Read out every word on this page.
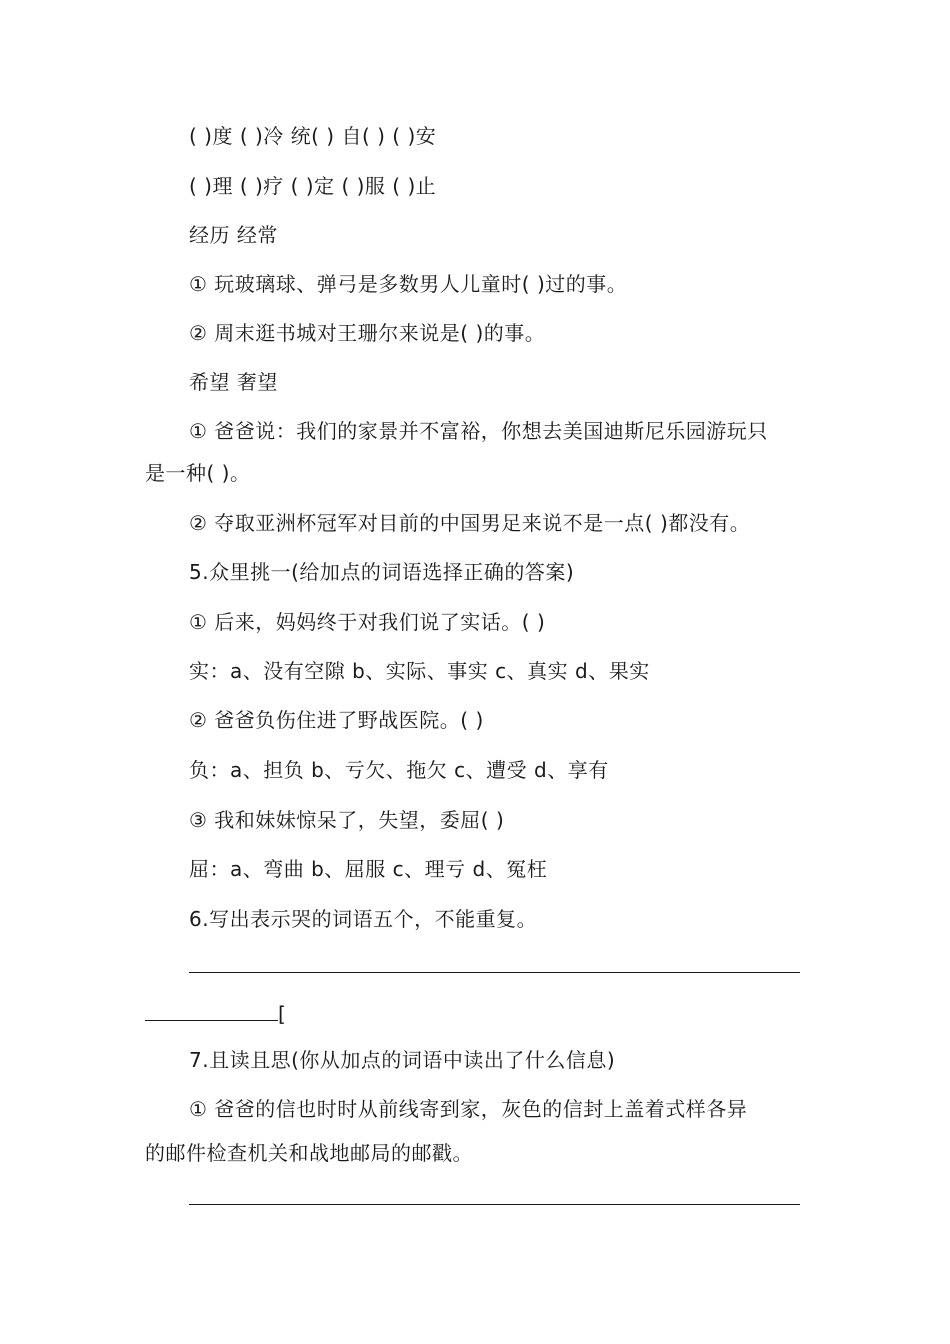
( )度 ( )冷 统( ) 自( ) ( )安
( )理 ( )疗 ( )定 ( )服 ( )止
经历 经常
① 玩玻璃球、弹弓是多数男人儿童时( )过的事。
② 周末逛书城对王珊尔来说是( )的事。
希望 奢望
① 爸爸说：我们的家景并不富裕，你想去美国迪斯尼乐园游玩只
是一种( )。
② 夺取亚洲杯冠军对目前的中国男足来说不是一点( )都没有。
5.众里挑一(给加点的词语选择正确的答案)
① 后来，妈妈终于对我们说了实话。( )
实：a、没有空隙 b、实际、事实 c、真实 d、果实
② 爸爸负伤住进了野战医院。( )
负：a、担负 b、亏欠、拖欠 c、遭受 d、享有
③ 我和妹妹惊呆了，失望，委屈( )
屈：a、弯曲 b、屈服 c、理亏 d、冤枉
6.写出表示哭的词语五个，不能重复。
[
7.且读且思(你从加点的词语中读出了什么信息)
① 爸爸的信也时时从前线寄到家，灰色的信封上盖着式样各异
的邮件检查机关和战地邮局的邮戳。
